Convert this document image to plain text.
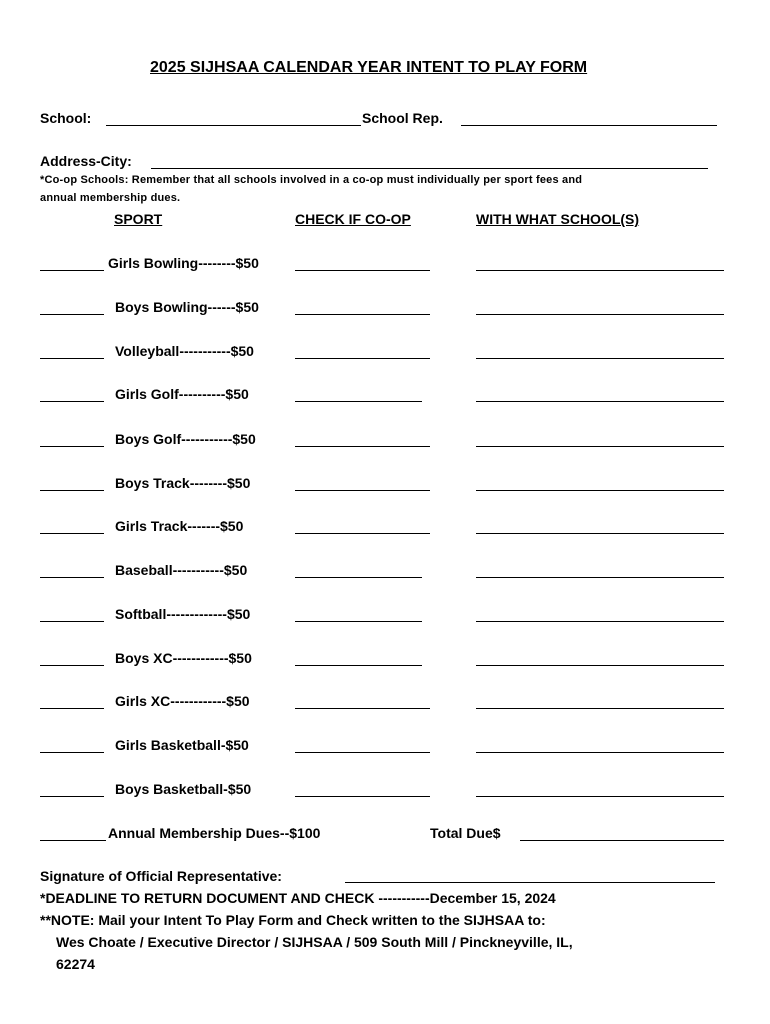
2025 SIJHSAA CALENDAR YEAR INTENT TO PLAY FORM
School:	School Rep.
Address-City:
*Co-op Schools: Remember that all schools involved in a co-op must individually per sport fees and
annual membership dues.
SPORT	CHECK IF CO-OP	WITH WHAT SCHOOL(S)
Girls Bowling--------$50
Boys Bowling------$50
Volleyball-----------$50
Girls Golf----------$50
Boys Golf-----------$50
Boys Track--------$50
Girls Track-------$50
Baseball-----------$50
Softball-------------$50
Boys XC------------$50
Girls XC------------$50
Girls Basketball-$50
Boys Basketball-$50
Annual Membership Dues--$100	Total Due$
Signature of Official Representative:
*DEADLINE TO RETURN DOCUMENT AND CHECK -----------December 15, 2024
**NOTE: Mail your Intent To Play Form and Check written to the SIJHSAA to:
Wes Choate / Executive Director / SIJHSAA / 509 South Mill / Pinckneyville, IL,
62274
